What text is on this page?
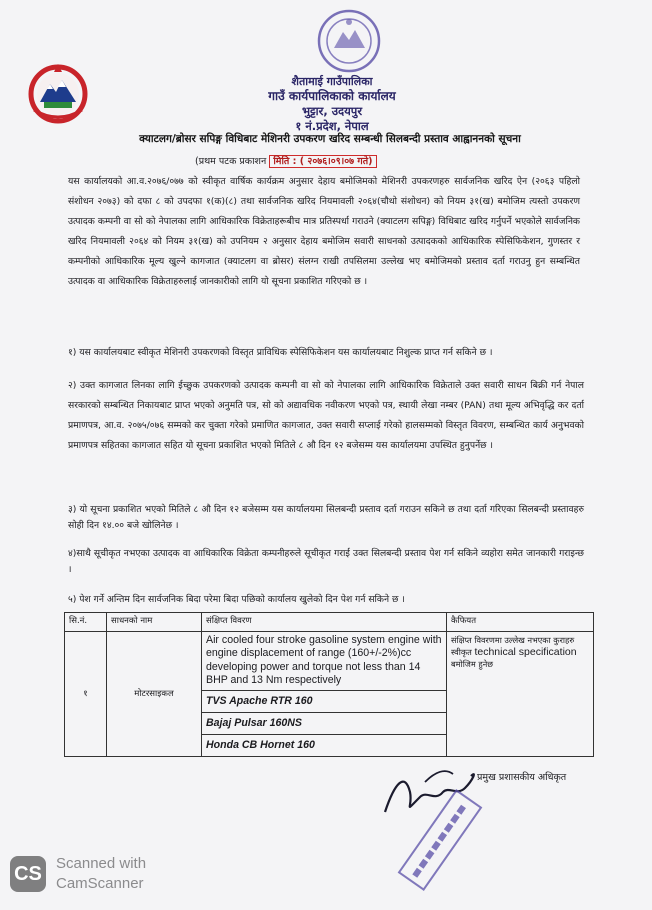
शैतामाई गाउँपालिका
गाउँ कार्यपालिकाको कार्यालय
भुट्टार, उदयपुर
१ नं.प्रदेश, नेपाल
क्याटलग/ब्रोसर सपिङ्ग विधिबाट मेशिनरी उपकरण खरिद सम्बन्धी सिलबन्दी प्रस्ताव आह्वाननको सूचना
(प्रथम पटक प्रकाशन मिति : ( २०७६।०९।०७ गते)
यस कार्यालयको आ.व.२०७६/०७७ को स्वीकृत वार्षिक कार्यक्रम अनुसार देहाय बमोजिमको मेशिनरी उपकरणहरु सार्वजनिक खरिद ऐन (२०६३ पहिलो संशोधन २०७३) को दफा ८ को उपदफा १(क)(८) तथा सार्वजनिक खरिद नियमावली २०६४(चौथो संशोधन) को नियम ३१(ख) बमोजिम त्यस्तो उपकरण उत्पादक कम्पनी वा सो को नेपालका लागि आधिकारिक विक्रेताहरूबीच मात्र प्रतिस्पर्धा गराउने (क्याटलग सपिङ्ग) विधिबाट खरिद गर्नुपर्ने भएकोले सार्वजनिक खरिद नियमावली २०६४ को नियम ३१(ख) को उपनियम २ अनुसार देहाय बमोजिम सवारी साधनको उत्पादकको आधिकारिक स्पेसिफिकेशन, गुणस्तर र कम्पनीको आधिकारिक मूल्य खुल्ने कागजात (क्याटलग वा ब्रोसर) संलग्न राखी तपसिलमा उल्लेख भए बमोजिमको प्रस्ताव दर्ता गराउनु हुन सम्बन्धित उत्पादक वा आधिकारिक विक्रेताहरुलाई जानकारीको लागि यो सूचना प्रकाशित गरिएको छ ।
१) यस कार्यालयबाट स्वीकृत मेशिनरी उपकरणको विस्तृत प्राविधिक स्पेसिफिकेशन यस कार्यालयबाट निशुल्क प्राप्त गर्न सकिने छ ।
२) उक्त कागजात लिनका लागि ईच्छुक उपकरणको उत्पादक कम्पनी वा सो को नेपालका लागि आधिकारिक विक्रेताले उक्त सवारी साधन बिक्री गर्न नेपाल सरकारको सम्बन्धित निकायबाट प्राप्त भएको अनुमति पत्र, सो को अद्यावधिक नवीकरण भएको पत्र, स्थायी लेखा नम्बर (PAN) तथा मूल्य अभिवृद्धि कर दर्ता प्रमाणपत्र, आ.व. २०७५/०७६ सम्मको कर चुक्ता गरेको प्रमाणित कागजात, उक्त सवारी सप्लाई गरेको हालसम्मको विस्तृत विवरण, सम्बन्धित कार्य अनुभवको प्रमाणपत्र सहितका कागजात सहित यो सूचना प्रकाशित भएको मितिले ८ औ दिन १२ बजेसम्म यस कार्यालयमा उपस्थित हुनुपर्नेछ ।
३) यो सूचना प्रकाशित भएको मितिले ८ औ दिन १२ बजेसम्म यस कार्यालयमा सिलबन्दी प्रस्ताव दर्ता गराउन सकिने छ तथा दर्ता गरिएका सिलबन्दी प्रस्तावहरु सोही दिन १४.०० बजे खोलिनेछ ।
४)साथै सूचीकृत नभएका उत्पादक वा आधिकारिक विक्रेता कम्पनीहरुले सूचीकृत गराई उक्त सिलबन्दी प्रस्ताव पेश गर्न सकिने व्यहोरा समेत जानकारी गराइन्छ ।
५) पेश गर्ने अन्तिम दिन सार्वजनिक बिदा परेमा बिदा पछिको कार्यालय खुलेको दिन पेश गर्न सकिने छ ।
सि.नं.	साधनको नाम	संक्षिप्त विवरण	कैफियत
१	मोटरसाइकल	Air cooled four stroke gasoline system engine with engine displacement of range (160+/-2%)cc developing power and torque not less than 14 BHP and 13 Nm respectively	संक्षिप्त विवरणमा उल्लेख नभएका कुराहरु स्वीकृत technical specification बमोजिम हुनेछ
		TVS Apache RTR 160	
		Bajaj Pulsar 160NS	
		Honda CB Hornet 160	
प्रमुख प्रशासकीय अधिकृत
CS Scanned with
CamScanner
